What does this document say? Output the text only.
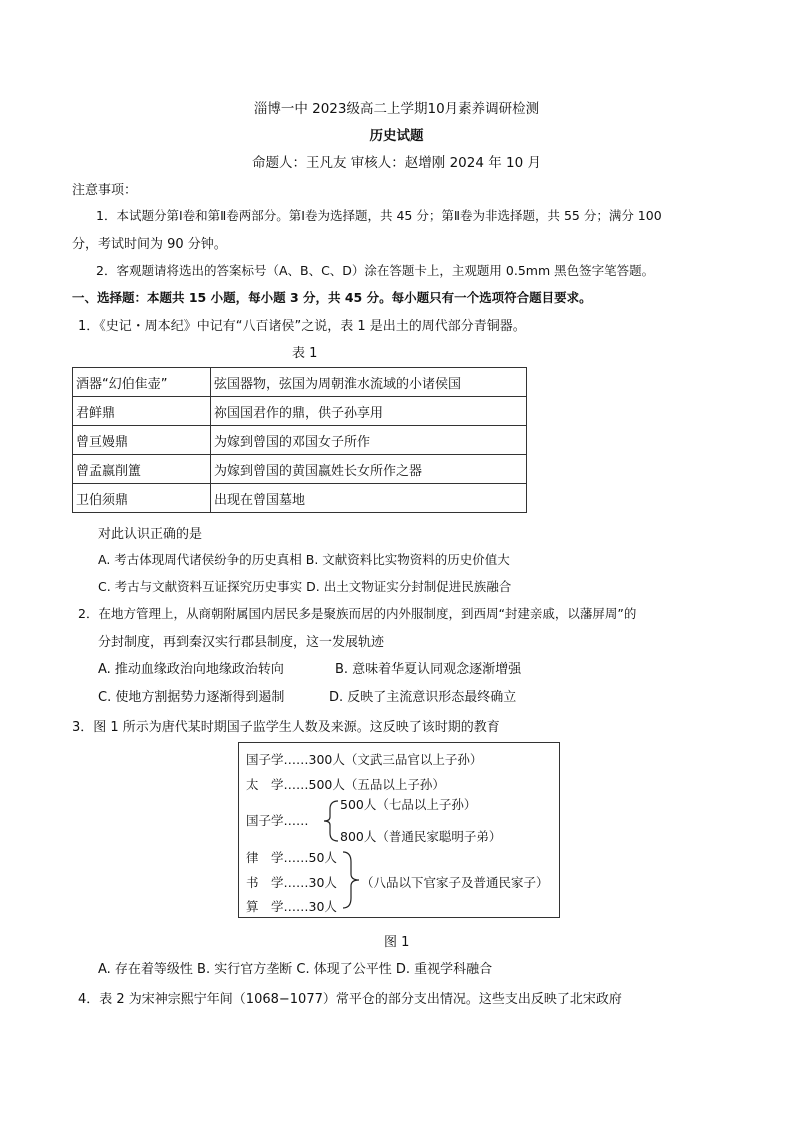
淄博一中 2023级高二上学期10月素养调研检测
历史试题
命题人：王凡友 审核人：赵增刚 2024 年 10 月
注意事项：
1．本试题分第Ⅰ卷和第Ⅱ卷两部分。第Ⅰ卷为选择题，共 45 分；第Ⅱ卷为非选择题，共 55 分；满分 100
分，考试时间为 90 分钟。
2．客观题请将选出的答案标号（A、B、C、D）涂在答题卡上，主观题用 0.5mm 黑色签字笔答题。
一、选择题：本题共 15 小题，每小题 3 分，共 45 分。每小题只有一个选项符合题目要求。
1．《史记・周本纪》中记有“八百诸侯”之说，表 1 是出土的周代部分青铜器。
表 1
酒器“幻伯隹壶”	弦国器物，弦国为周朝淮水流域的小诸侯国
君鲜鼎	祢国国君作的鼎，供子孙享用
曾亘嫚鼎	为嫁到曾国的邓国女子所作
曾孟嬴削簠	为嫁到曾国的黄国嬴姓长女所作之器
卫伯须鼎	出现在曾国墓地
对此认识正确的是
A. 考古体现周代诸侯纷争的历史真相 B. 文献资料比实物资料的历史价值大
C. 考古与文献资料互证探究历史事实 D. 出土文物证实分封制促进民族融合
2．在地方管理上，从商朝附属国内居民多是聚族而居的内外服制度，到西周“封建亲戚，以藩屏周”的
分封制度，再到秦汉实行郡县制度，这一发展轨迹
A. 推动血缘政治向地缘政治转向	B. 意味着华夏认同观念逐渐增强
C. 使地方割据势力逐渐得到遏制	D. 反映了主流意识形态最终确立
3．图 1 所示为唐代某时期国子监学生人数及来源。这反映了该时期的教育
国子学……300人（文武三品官以上子孙）
太　学……500人（五品以上子孙）
国子学……
500人（七品以上子孙）
800人（普通民家聪明子弟）
律　学……50人
书　学……30人
算　学……30人
（八品以下官家子及普通民家子）
图 1
A. 存在着等级性 B. 实行官方垄断 C. 体现了公平性 D. 重视学科融合
4．表 2 为宋神宗熙宁年间（1068−1077）常平仓的部分支出情况。这些支出反映了北宋政府
